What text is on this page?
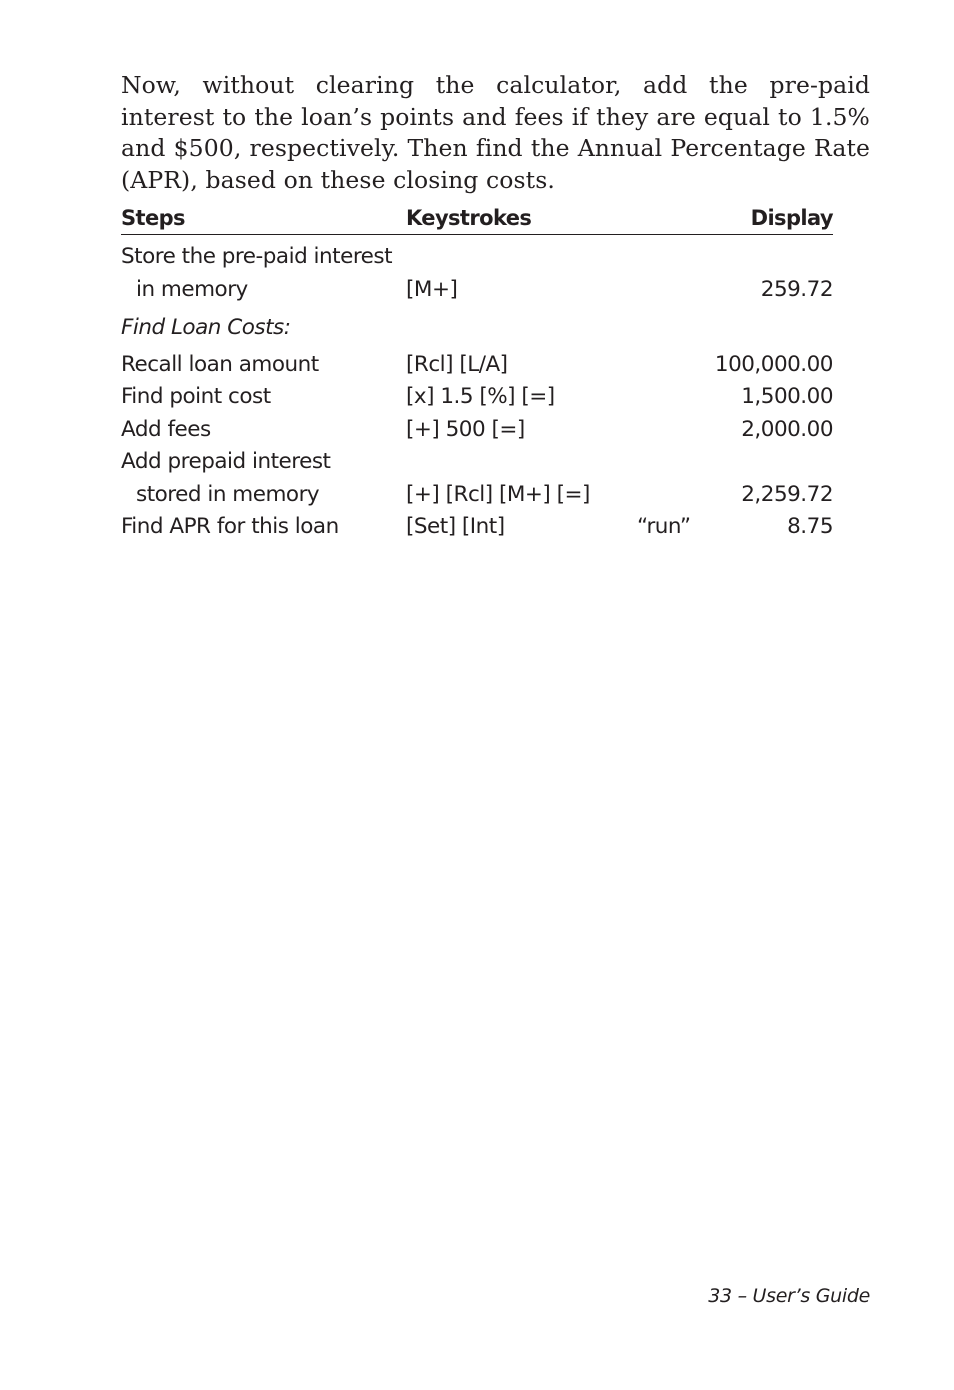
Now, without clearing the calculator, add the pre-paid interest to the loan’s points and fees if they are equal to 1.5% and $500, respectively. Then find the Annual Percentage Rate (APR), based on these closing costs.

Steps	Keystrokes	Display
Store the pre-paid interest
in memory	[M+]	259.72
Find Loan Costs:
Recall loan amount	[Rcl] [L/A]	100,000.00
Find point cost	[x] 1.5 [%] [=]	1,500.00
Add fees	[+] 500 [=]	2,000.00
Add prepaid interest
stored in memory	[+] [Rcl] [M+] [=]	2,259.72
Find APR for this loan	[Set] [Int]	“run”	8.75
33 – User’s Guide
